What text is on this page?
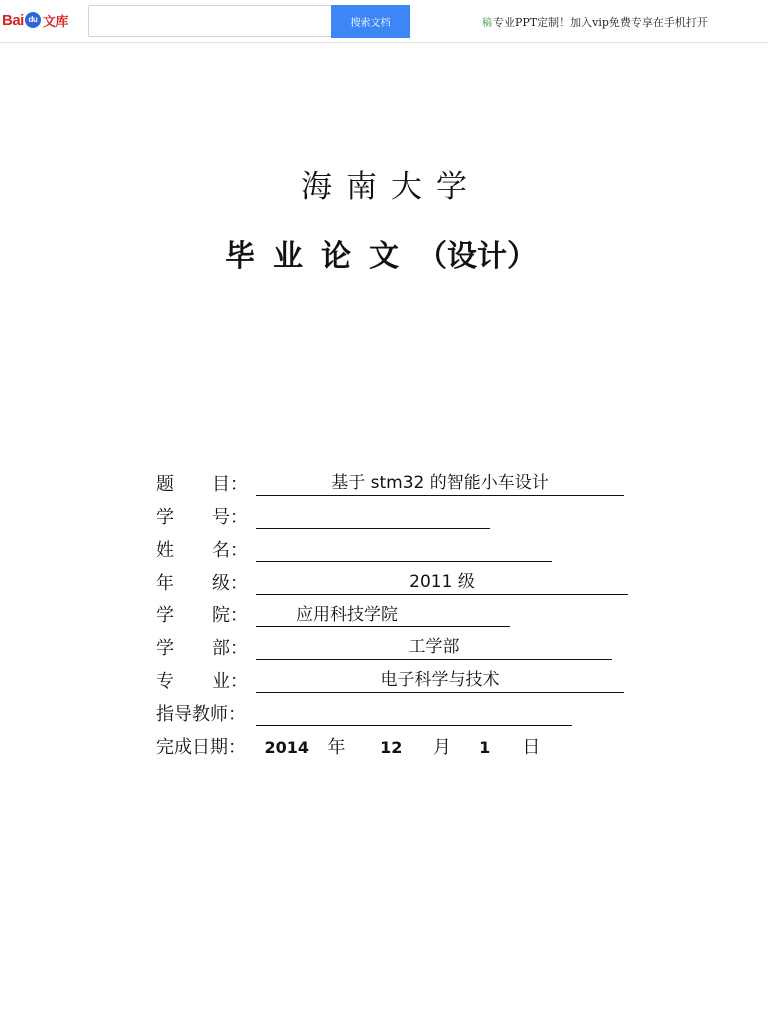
Bai du 文库	搜索文档	稿专业PPT定制！加入vip免费专享在手机打开
海南大学
毕业论文（设计）
题 目：	基于 stm32 的智能小车设计
学 号：
姓 名：
年 级：	2011 级
学 院：	应用科技学院
学 部：	工学部
专 业：	电子科学与技术
指导教师：
完成日期： 2014 年 12 月 1 日
